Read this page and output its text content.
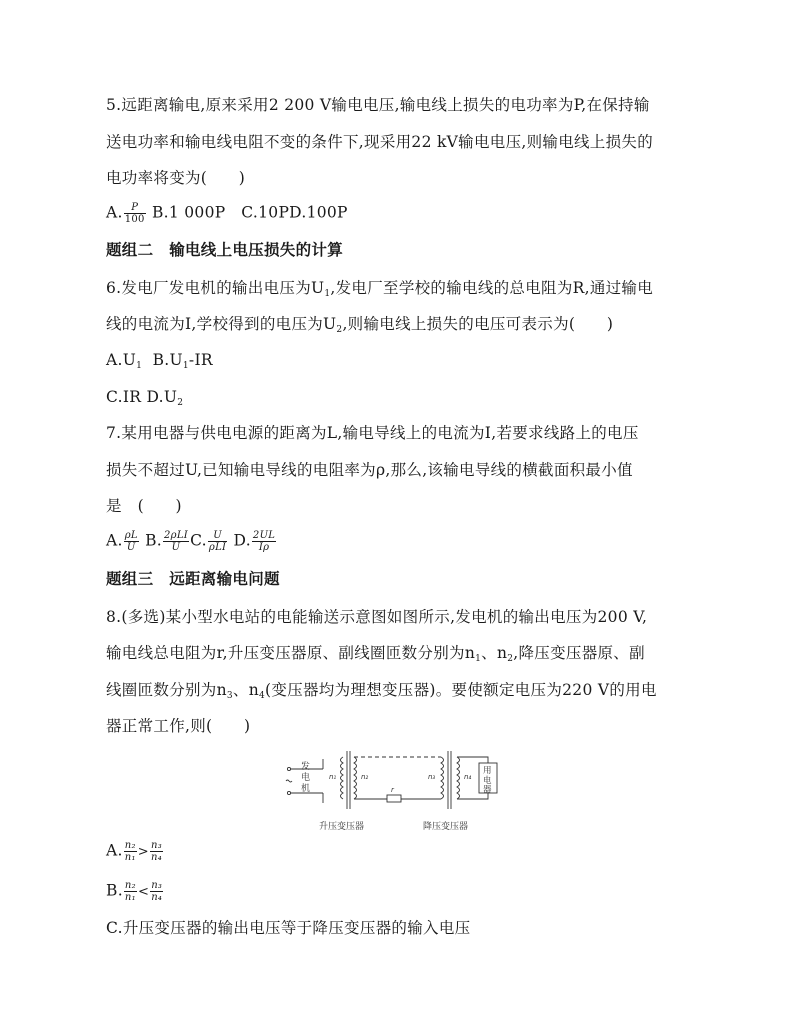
5.远距离输电,原来采用2 200 V输电电压,输电线上损失的电功率为P,在保持输
送电功率和输电线电阻不变的条件下,现采用22 kV输电电压,则输电线上损失的
电功率将变为(　　)
A. $\frac{P}{100} B.1$ 000P　C.10PD.100P
题组二　输电线上电压损失的计算
6.发电厂发电机的输出电压为$U_1$,发电厂至学校的输电线的总电阻为R,通过输电
线的电流为I,学校得到的电压为$U_2$,则输电线上损失的电压可表示为(　　)
$A.U_1$ $B.U_1-IR$
C.IR $D.U_2$
7.某用电器与供电电源的距离为L,输电导线上的电流为I,若要求线路上的电压
损失不超过U,已知输电导线的电阻率为ρ,那么,该输电导线的横截面积最小值
是　(　　)
A. $\frac{\rho L}{U} B$. $\frac{\text{2ρLI}}{U} C$. $\frac{U}{\text{ρLI}} D$. $\frac{2UL}{I\rho}$
题组三　远距离输电问题
8.(多选)某小型水电站的电能输送示意图如图所示,发电机的输出电压为200 V,
输电线总电阻为r,升压变压器原、副线圈匝数分别为$n_1$、$n_2$,降压变压器原、副
线圈匝数分别为$n_3$、$n_4$(变压器均为理想变压器)。要使额定电压为220 V的用电
器正常工作,则(　　)
发
电
机
n₁	n₂
r
n₃	n₄
用
电
器
升压变压器	降压变压器
A. $\frac{\text{n₂}}{\text{n₁}} > \frac{\text{n₃}}{\text{n₄}}$
B. $\frac{\text{n₂}}{\text{n₁}} < \frac{\text{n₃}}{\text{n₄}}$
C.升压变压器的输出电压等于降压变压器的输入电压
